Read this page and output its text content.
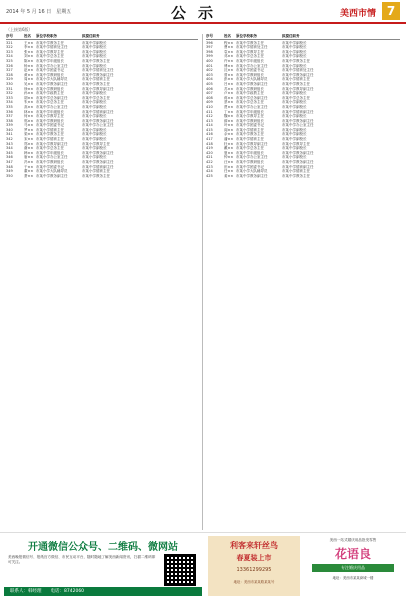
2014 年 5 月 16 日　星期五	公示	美西市情 7
（上接第6版）
序号	姓名	原位学校职务	拟提任职务
321	王×× 市某中学教务主任	市某中学副校长
322	李×× 市某中学德育处主任	市某中学副校长
323	张×× 市某小学教导主任	市某小学副校长
324	刘×× 市某中学总务主任	市某中学副校长
325	陈×× 市某中学年级组长	市某中学教务主任
326	杨×× 市某小学办公室主任	市某小学副校长
327	赵×× 市某中学团委书记	市某中学德育处主任
328	黄×× 市某中学教研组长	市某中学教务副主任
329	周×× 市某小学大队辅导员	市某小学德育主任
330	吴×× 市某中学教务副主任	市某中学教务主任
331	徐×× 市某小学教研组长	市某小学教导副主任
332	孙×× 市某中学政教主任	市某中学副校长
333	胡×× 市某中学总务副主任	市某中学总务主任
334	朱×× 市某小学总务主任	市某小学副校长
335	高×× 市某中学办公室主任	市某中学副校长
336	林×× 市某中学年级组长	市某中学德育副主任
337	何×× 市某小学教导主任	市某小学副校长
338	郭×× 市某中学教研组长	市某中学教务副主任
339	马×× 市某中学团委书记	市某中学办公室主任
340	罗×× 市某小学德育主任	市某小学副校长
341	梁×× 市某中学教务主任	市某中学副校长
342	宋×× 市某中学德育主任	市某中学副校长
343	郑×× 市某小学教导副主任	市某小学教导主任
344	谢×× 市某中学总务主任	市某中学副校长
345	韩×× 市某中学年级组长	市某中学教务副主任
346	唐×× 市某小学办公室主任	市某小学副校长
347	冯×× 市某中学教研组长	市某中学教务副主任
348	于×× 市某中学团委书记	市某中学德育副主任
349	董×× 市某小学大队辅导员	市某小学德育主任
350	萧×× 市某中学教务副主任	市某中学教务主任
序号	姓名	原位学校职务	拟提任职务
396	程×× 市某中学教务主任	市某中学副校长
397	曹×× 市某中学德育处主任	市某中学副校长
398	袁×× 市某小学教导主任	市某小学副校长
399	邓×× 市某中学总务主任	市某中学副校长
400	许×× 市某中学年级组长	市某中学教务主任
401	傅×× 市某小学办公室主任	市某小学副校长
402	沈×× 市某中学团委书记	市某中学德育处主任
403	曾×× 市某中学教研组长	市某中学教务副主任
404	彭×× 市某小学大队辅导员	市某小学德育主任
405	吕×× 市某中学教务副主任	市某中学教务主任
406	苏×× 市某小学教研组长	市某小学教导副主任
407	卢×× 市某中学政教主任	市某中学副校长
408	蒋×× 市某中学总务副主任	市某中学总务主任
409	蔡×× 市某小学总务主任	市某小学副校长
410	贾×× 市某中学办公室主任	市某中学副校长
411	丁×× 市某中学年级组长	市某中学德育副主任
412	魏×× 市某小学教导主任	市某小学副校长
413	薛×× 市某中学教研组长	市某中学教务副主任
414	叶×× 市某中学团委书记	市某中学办公室主任
415	阎×× 市某小学德育主任	市某小学副校长
416	余×× 市某中学教务主任	市某中学副校长
417	潘×× 市某中学德育主任	市某中学副校长
418	杜×× 市某小学教导副主任	市某小学教导主任
419	戴×× 市某中学总务主任	市某中学副校长
420	夏×× 市某中学年级组长	市某中学教务副主任
421	钟×× 市某小学办公室主任	市某小学副校长
422	汪×× 市某中学教研组长	市某中学教务副主任
423	田×× 市某中学团委书记	市某中学德育副主任
424	任×× 市某小学大队辅导员	市某小学德育主任
425	姜×× 市某中学教务副主任	市某中学教务主任
开通微信公众号、二维码、微网站
美西晚报微信号、报纸官方微信、市民互动平台，随时随地了解美西新闻资讯，扫描二维码即可关注。
联系人：韩经理　　电话：8742060
利客来轩丝鸟
春夏装上市
13361299295
地址：美西市某某路某某号
美西一站式婚庆用品批发零售
花语良
专注婚庆用品
地址：美西市某某商城一楼
